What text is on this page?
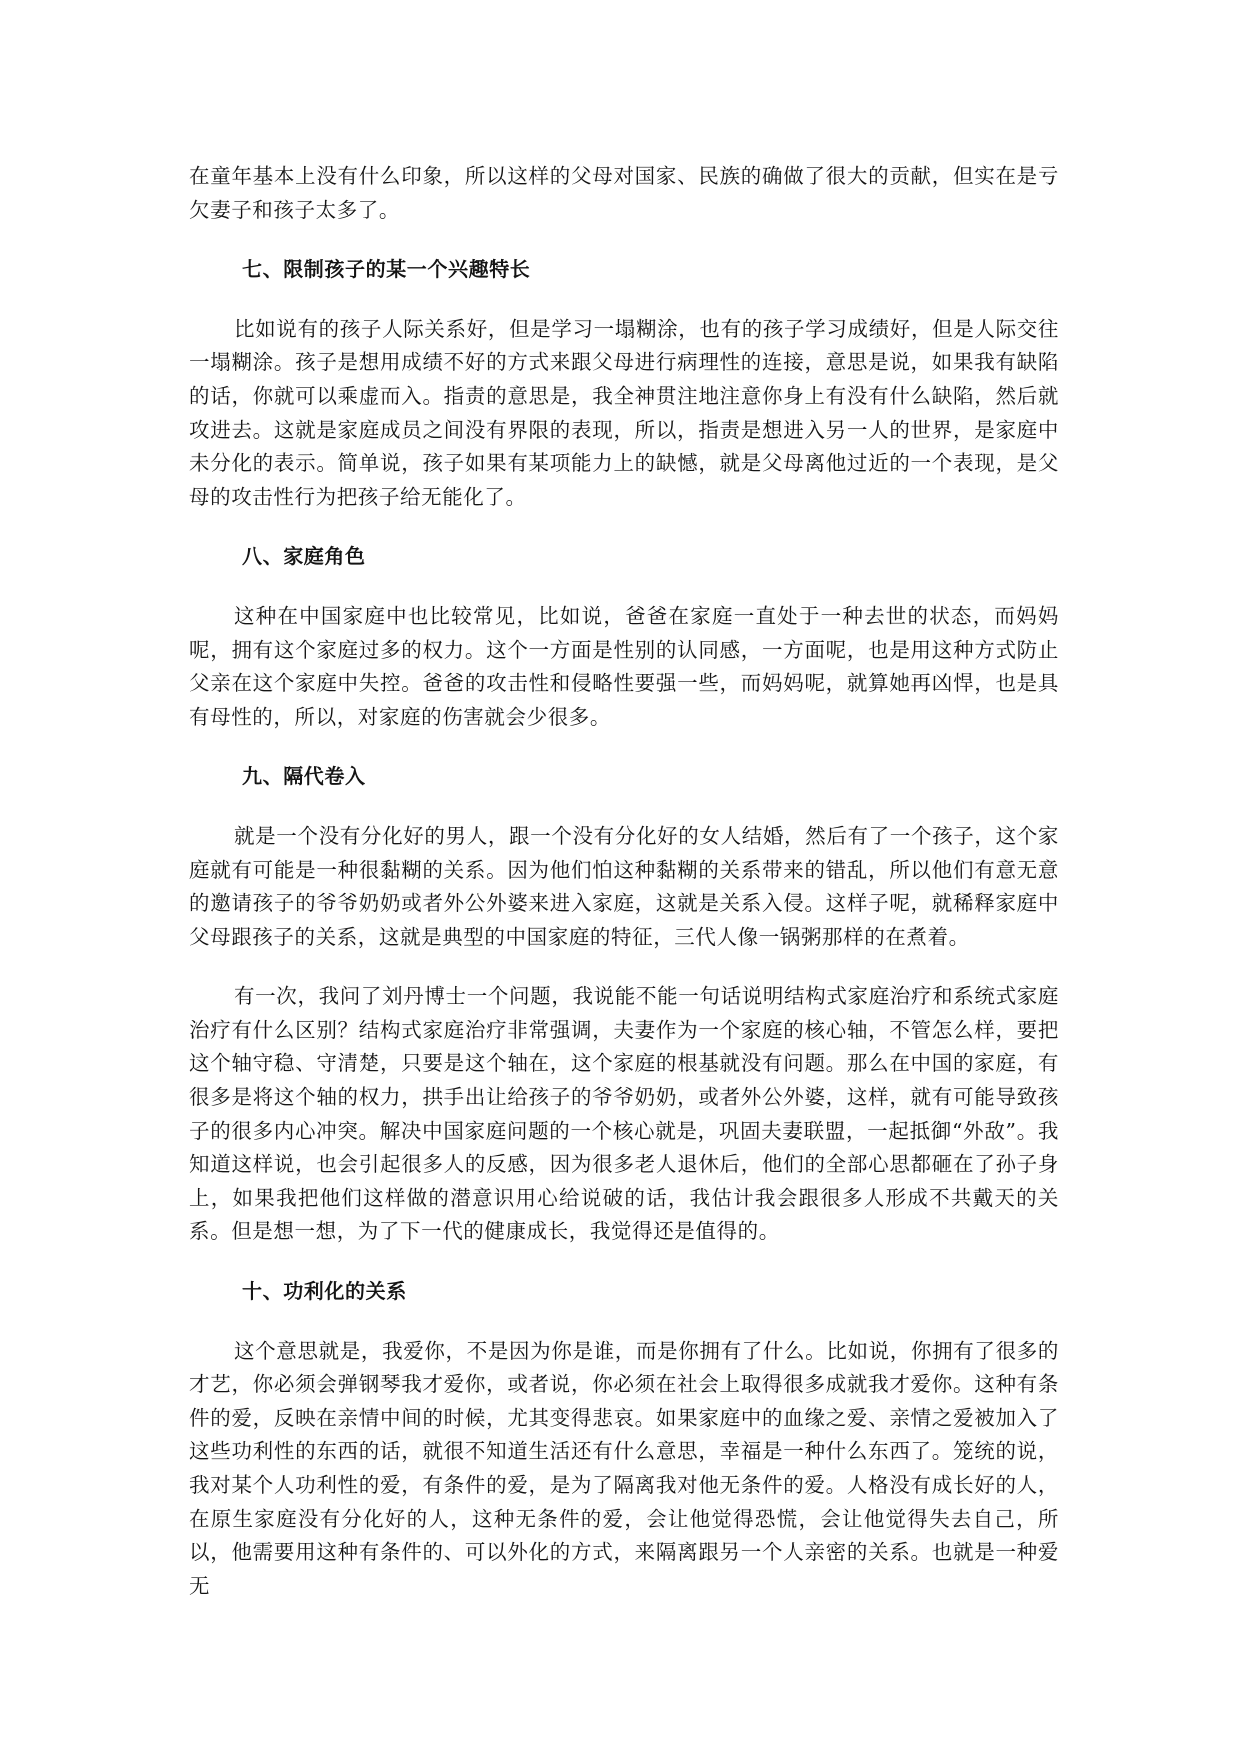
在童年基本上没有什么印象，所以这样的父母对国家、民族的确做了很大的贡献，但实在是亏欠妻子和孩子太多了。

七、限制孩子的某一个兴趣特长

比如说有的孩子人际关系好，但是学习一塌糊涂，也有的孩子学习成绩好，但是人际交往一塌糊涂。孩子是想用成绩不好的方式来跟父母进行病理性的连接，意思是说，如果我有缺陷的话，你就可以乘虚而入。指责的意思是，我全神贯注地注意你身上有没有什么缺陷，然后就攻进去。这就是家庭成员之间没有界限的表现，所以，指责是想进入另一人的世界，是家庭中未分化的表示。简单说，孩子如果有某项能力上的缺憾，就是父母离他过近的一个表现，是父母的攻击性行为把孩子给无能化了。

八、家庭角色

这种在中国家庭中也比较常见，比如说，爸爸在家庭一直处于一种去世的状态，而妈妈呢，拥有这个家庭过多的权力。这个一方面是性别的认同感，一方面呢，也是用这种方式防止父亲在这个家庭中失控。爸爸的攻击性和侵略性要强一些，而妈妈呢，就算她再凶悍，也是具有母性的，所以，对家庭的伤害就会少很多。

九、隔代卷入

就是一个没有分化好的男人，跟一个没有分化好的女人结婚，然后有了一个孩子，这个家庭就有可能是一种很黏糊的关系。因为他们怕这种黏糊的关系带来的错乱，所以他们有意无意的邀请孩子的爷爷奶奶或者外公外婆来进入家庭，这就是关系入侵。这样子呢，就稀释家庭中父母跟孩子的关系，这就是典型的中国家庭的特征，三代人像一锅粥那样的在煮着。

有一次，我问了刘丹博士一个问题，我说能不能一句话说明结构式家庭治疗和系统式家庭治疗有什么区别？结构式家庭治疗非常强调，夫妻作为一个家庭的核心轴，不管怎么样，要把这个轴守稳、守清楚，只要是这个轴在，这个家庭的根基就没有问题。那么在中国的家庭，有很多是将这个轴的权力，拱手出让给孩子的爷爷奶奶，或者外公外婆，这样，就有可能导致孩子的很多内心冲突。解决中国家庭问题的一个核心就是，巩固夫妻联盟，一起抵御“外敌”。我知道这样说，也会引起很多人的反感，因为很多老人退休后，他们的全部心思都砸在了孙子身上，如果我把他们这样做的潜意识用心给说破的话，我估计我会跟很多人形成不共戴天的关系。但是想一想，为了下一代的健康成长，我觉得还是值得的。

十、功利化的关系

这个意思就是，我爱你，不是因为你是谁，而是你拥有了什么。比如说，你拥有了很多的才艺，你必须会弹钢琴我才爱你，或者说，你必须在社会上取得很多成就我才爱你。这种有条件的爱，反映在亲情中间的时候，尤其变得悲哀。如果家庭中的血缘之爱、亲情之爱被加入了这些功利性的东西的话，就很不知道生活还有什么意思，幸福是一种什么东西了。笼统的说，我对某个人功利性的爱，有条件的爱，是为了隔离我对他无条件的爱。人格没有成长好的人，在原生家庭没有分化好的人，这种无条件的爱，会让他觉得恐慌，会让他觉得失去自己，所以，他需要用这种有条件的、可以外化的方式，来隔离跟另一个人亲密的关系。也就是一种爱无
